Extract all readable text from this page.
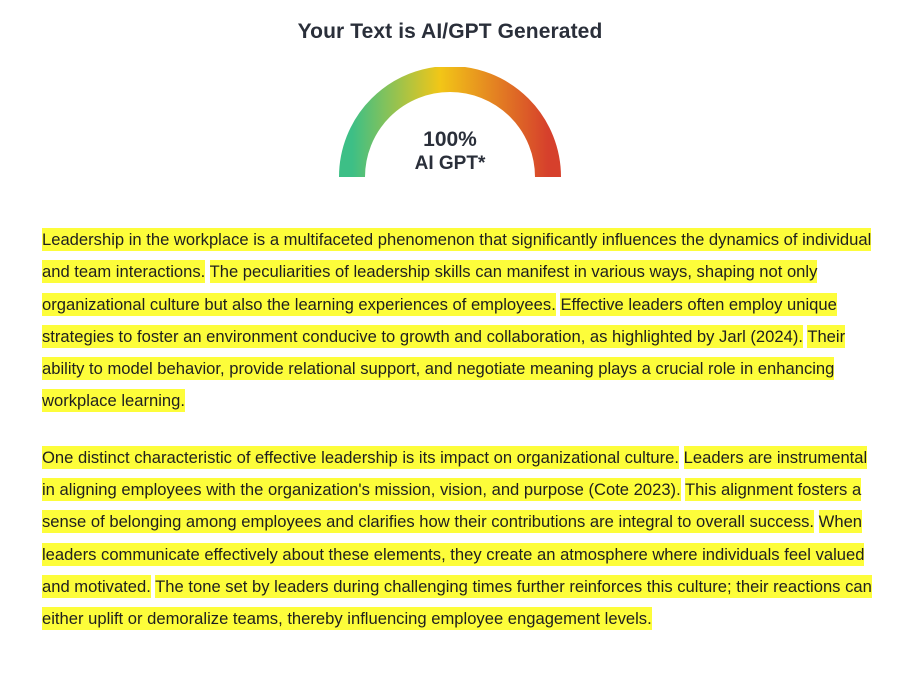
Your Text is AI/GPT Generated
100%
AI GPT*

Leadership in the workplace is a multifaceted phenomenon that significantly influences the dynamics of individual and team interactions. The peculiarities of leadership skills can manifest in various ways, shaping not only organizational culture but also the learning experiences of employees. Effective leaders often employ unique strategies to foster an environment conducive to growth and collaboration, as highlighted by Jarl (2024). Their ability to model behavior, provide relational support, and negotiate meaning plays a crucial role in enhancing workplace learning.

One distinct characteristic of effective leadership is its impact on organizational culture. Leaders are instrumental in aligning employees with the organization's mission, vision, and purpose (Cote 2023). This alignment fosters a sense of belonging among employees and clarifies how their contributions are integral to overall success. When leaders communicate effectively about these elements, they create an atmosphere where individuals feel valued and motivated. The tone set by leaders during challenging times further reinforces this culture; their reactions can either uplift or demoralize teams, thereby influencing employee engagement levels.
